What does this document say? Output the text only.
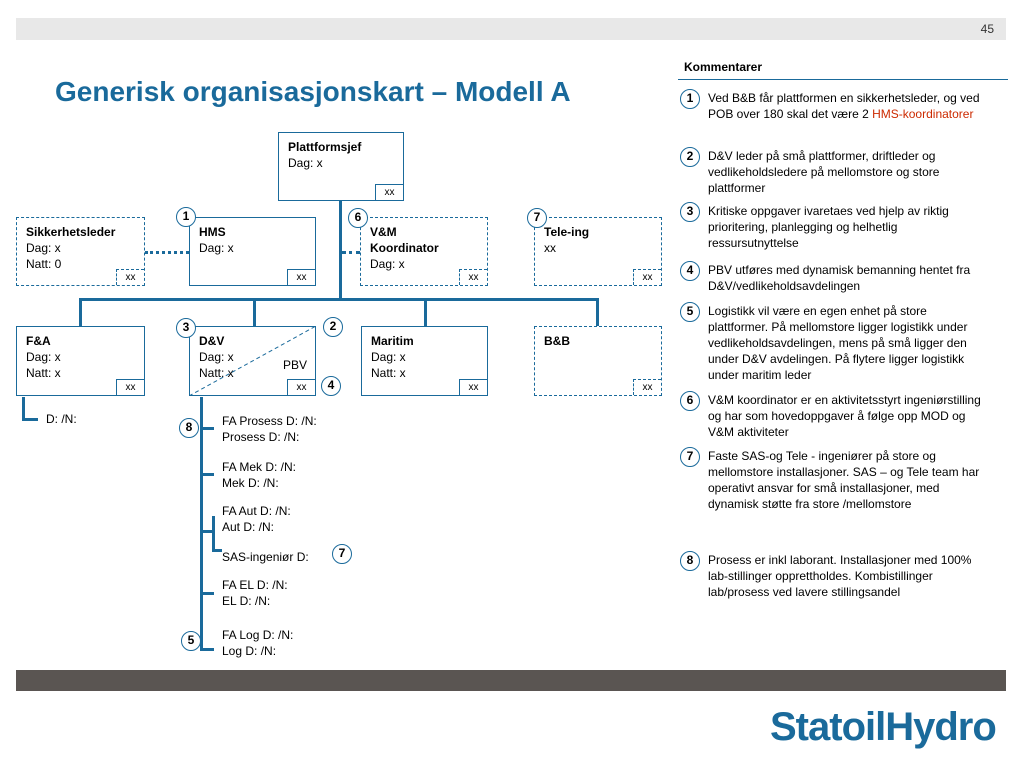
45
Generisk organisasjonskart – Modell A
D: /N:	FA Prosess D: /N:
Prosess D: /N:
FA Mek D: /N:
Mek D: /N:
FA Aut D: /N:
Aut D: /N:
SAS-ingeniør D:
FA EL D: /N:
EL D: /N:
FA Log D: /N:
Log D: /N:
Plattformsjef
Dag: x
xx
Sikkerhetsleder
Dag: x
Natt: 0
xx
HMS
Dag: x
xx
V&M
Koordinator
Dag: x
xx
Tele-ing
xx
xx
F&A
Dag: x
Natt: x
xx
D&V
Dag: x
Natt: x
PBV
xx
Maritim
Dag: x
Natt: x
xx
B&B
xx
1	6	7
3	2
4
8
7
5
Kommentarer
1	Ved B&B får plattformen en sikkerhetsleder, og ved POB over 180 skal det være 2 HMS-koordinatorer
2	D&V leder på små plattformer, driftleder og vedlikeholdsledere på mellomstore og store plattformer
3	Kritiske oppgaver ivaretaes ved hjelp av riktig prioritering, planlegging og helhetlig ressursutnyttelse
4	PBV utføres med dynamisk bemanning hentet fra D&V/vedlikeholdsavdelingen
5	Logistikk vil være en egen enhet på store plattformer. På mellomstore ligger logistikk under vedlikeholdsavdelingen, mens på små ligger den under D&V avdelingen. På flytere ligger logistikk under maritim leder
6	V&M koordinator er en aktivitetsstyrt ingeniørstilling og har som hovedoppgaver å følge opp MOD og V&M aktiviteter
7	Faste SAS-og Tele - ingeniører på store og mellomstore installasjoner. SAS – og Tele team har operativt ansvar for små installasjoner, med dynamisk støtte fra store /mellomstore
8	Prosess er inkl laborant. Installasjoner med 100% lab-stillinger opprettholdes. Kombistillinger lab/prosess ved lavere stillingsandel
StatoilHydro
